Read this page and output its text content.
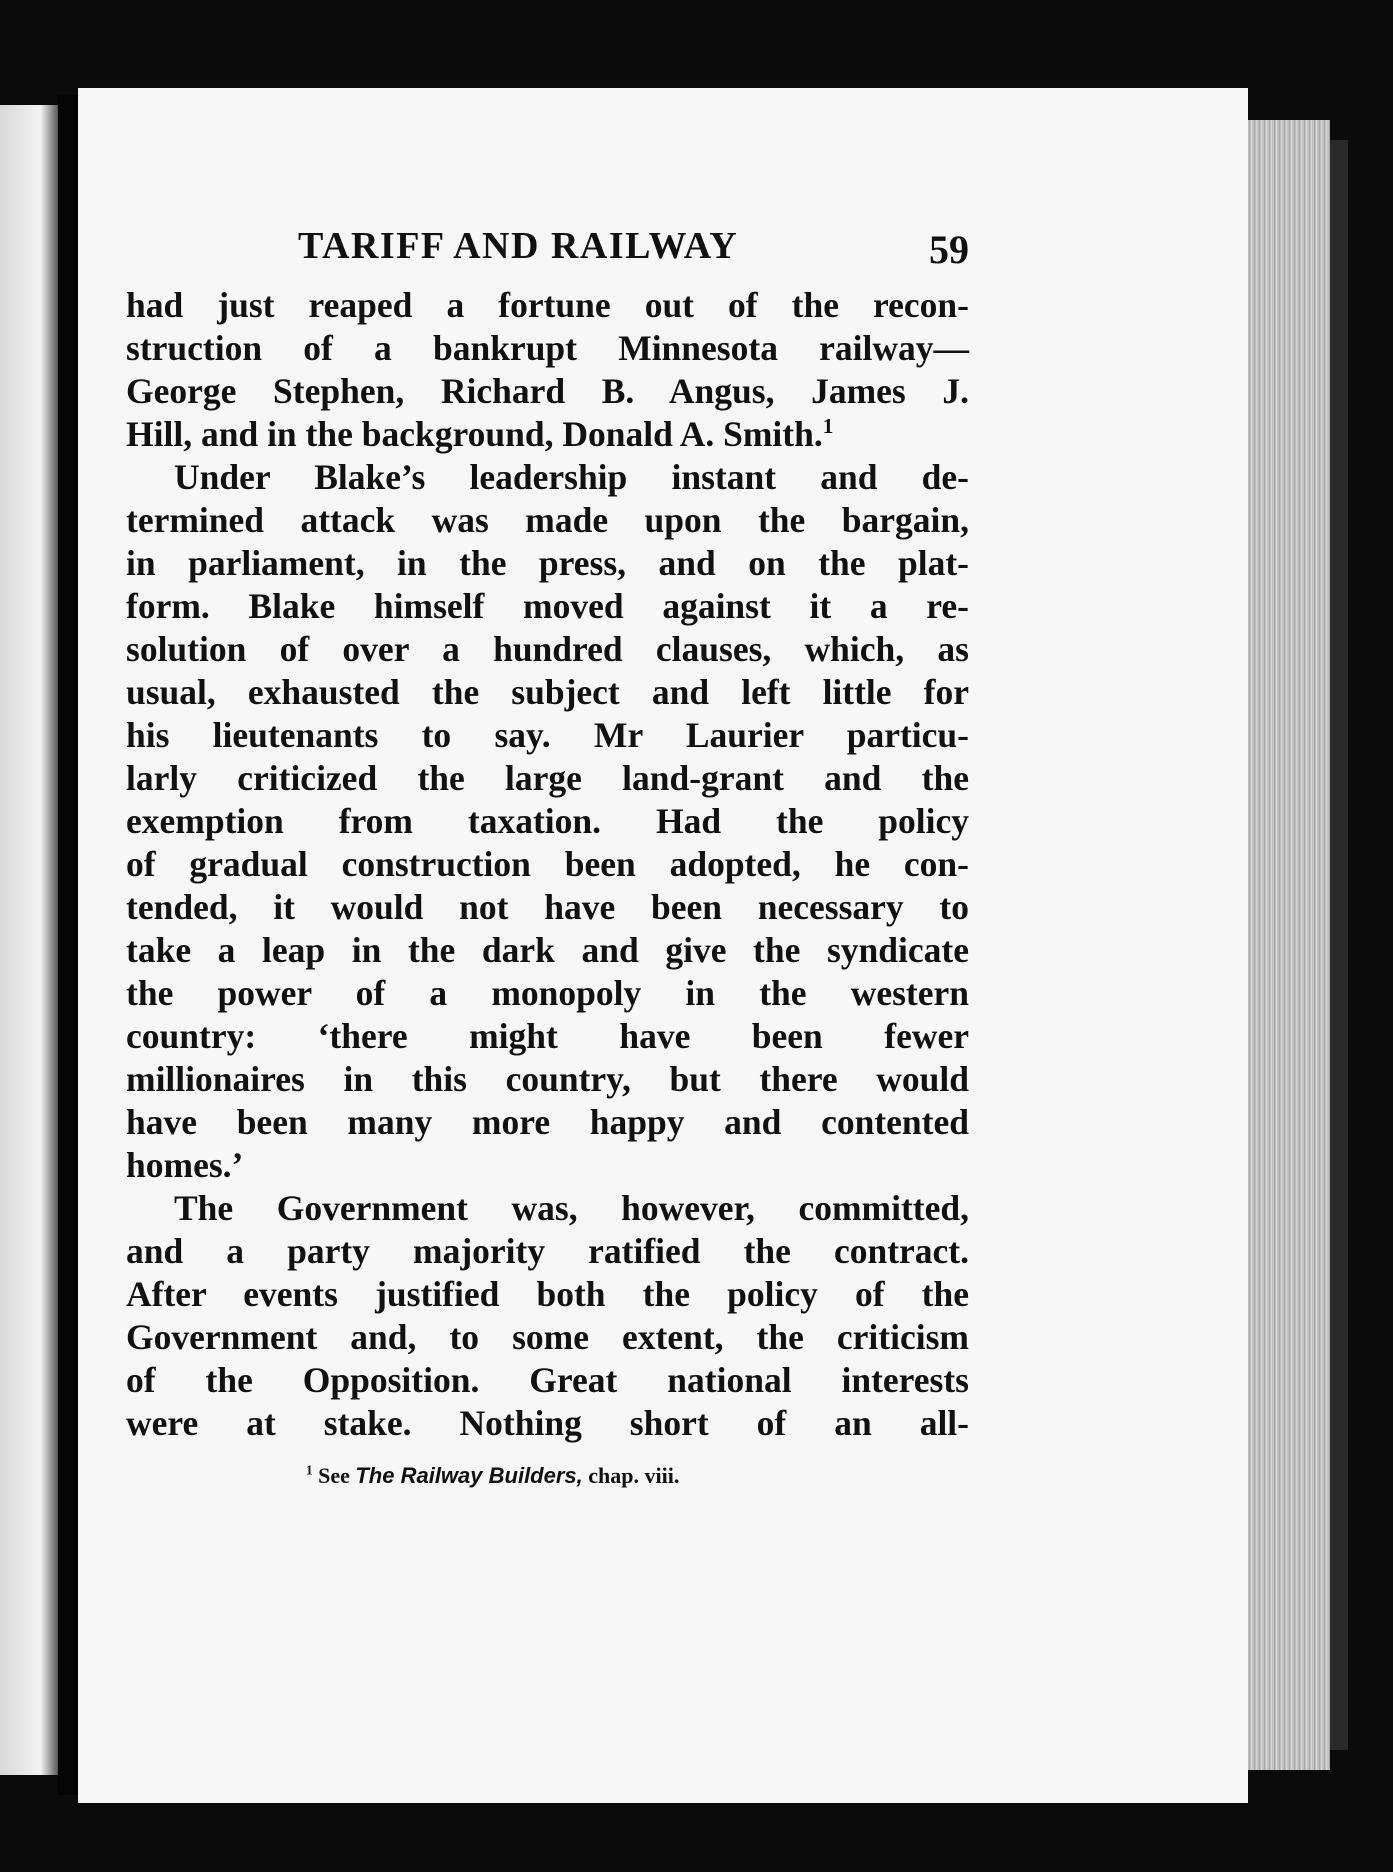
TARIFF AND RAILWAY	59
had just reaped a fortune out of the recon-
struction of a bankrupt Minnesota railway—
George Stephen, Richard B. Angus, James J.
Hill, and in the background, Donald A. Smith.$^1$
Under Blake’s leadership instant and de-
termined attack was made upon the bargain,
in parliament, in the press, and on the plat-
form. Blake himself moved against it a re-
solution of over a hundred clauses, which, as
usual, exhausted the subject and left little for
his lieutenants to say. Mr Laurier particu-
larly criticized the large land-grant and the
exemption from taxation. Had the policy
of gradual construction been adopted, he con-
tended, it would not have been necessary to
take a leap in the dark and give the syndicate
the power of a monopoly in the western
country: ‘there might have been fewer
millionaires in this country, but there would
have been many more happy and contented
homes.’
The Government was, however, committed,
and a party majority ratified the contract.
After events justified both the policy of the
Government and, to some extent, the criticism
of the Opposition. Great national interests
were at stake. Nothing short of an all-
$^1$ See The Railway Builders, chap. viii.
